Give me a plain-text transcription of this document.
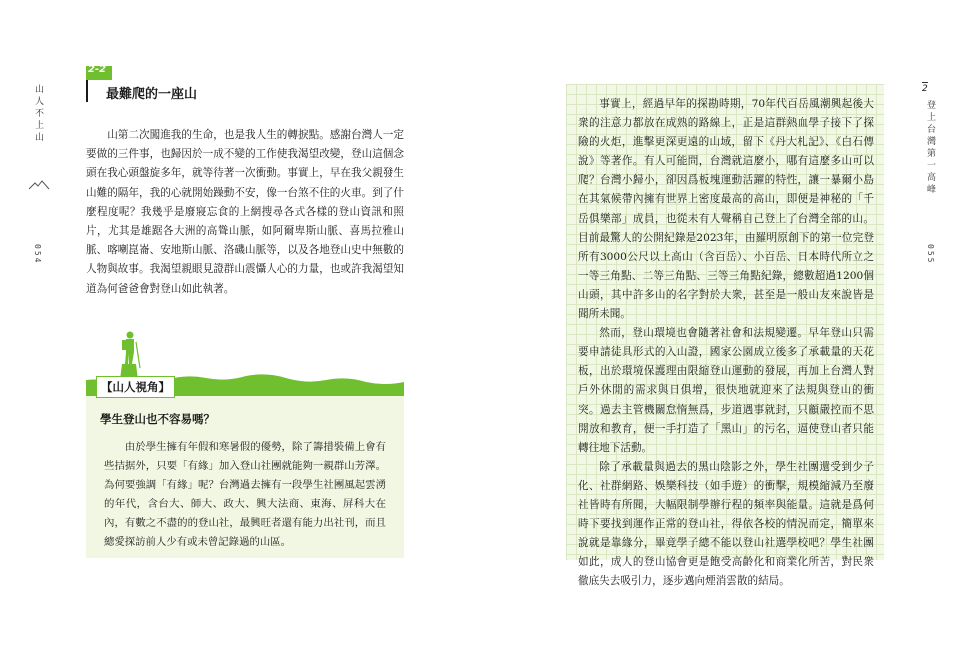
山人不上山
054
2-2
最難爬的一座山

山第二次闖進我的生命，也是我人生的轉捩點。感謝台灣人一定要做的三件事，也歸因於一成不變的工作使我渴望改變，登山這個念頭在我心頭盤旋多年，就等待著一次衝動。事實上，早在我父親發生山難的隔年，我的心就開始躁動不安，像一台煞不住的火車。到了什麼程度呢？我幾乎是廢寢忘食的上網搜尋各式各樣的登山資訊和照片，尤其是雄踞各大洲的高聳山脈，如阿爾卑斯山脈、喜馬拉雅山脈、喀喇崑崙、安地斯山脈、洛磯山脈等，以及各地登山史中無數的人物與故事。我渴望親眼見證群山震懾人心的力量，也或許我渴望知道為何爸爸會對登山如此執著。

【山人視角】
學生登山也不容易嗎？

由於學生擁有年假和寒暑假的優勢，除了籌措裝備上會有些拮据外，只要「有緣」加入登山社團就能夠一親群山芳澤。為何要強調「有緣」呢？台灣過去擁有一段學生社團風起雲湧的年代，含台大、師大、政大、興大法商、東海、屏科大在內，有數之不盡的的登山社，最興旺者還有能力出社刊，而且總愛探訪前人少有或未曾記錄過的山區。

事實上，經過早年的探勘時期，70年代百岳風潮興起後大衆的注意力都放在成熟的路線上，正是這群熱血學子接下了探險的火炬，進擊更深更遠的山域，留下《丹大札記》、《白石傳說》等著作。有人可能問，台灣就這麼小，哪有這麼多山可以爬？台灣小歸小，卻因爲板塊運動活躍的特性，讓一暴爾小島在其氣候帶內擁有世界上密度最高的高山，即便是神秘的「千岳俱樂部」成員，也從未有人聲稱自己登上了台灣全部的山。目前最驚人的公開紀錄是2023年，由羅明原創下的第一位完登所有3000公尺以上高山（含百岳）、小百岳、日本時代所立之一等三角點、二等三角點、三等三角點紀錄，總數超過1200個山頭，其中許多山的名字對於大衆，甚至是一般山友來說皆是聞所未聞。

然而，登山環境也會隨著社會和法規變遷。早年登山只需要申請徒具形式的入山證，國家公園成立後多了承載量的天花板，出於環境保護理由限縮登山運動的發展，再加上台灣人對戶外休閒的需求與日俱增，很快地就迎來了法規與登山的衝突。過去主管機關怠惰無爲，步道遇事就封，只顧嚴控而不思開放和教育，便一手打造了「黑山」的污名，逼使登山者只能轉往地下活動。

除了承載量與過去的黑山陰影之外，學生社團還受到少子化、社群網路、娛樂科技（如手遊）的衝擊，規模縮減乃至廢社皆時有所聞，大幅限制學辦行程的頻率與能量。這就是爲何時下要找到運作正常的登山社，得依各校的情況而定，簡單來說就是靠緣分，畢竟學子總不能以登山社選學校吧？學生社團如此，成人的登山協會更是飽受高齡化和商業化所苦，對民衆徹底失去吸引力，逐步邁向煙消雲散的結局。

2
登上台灣第一高峰
055
